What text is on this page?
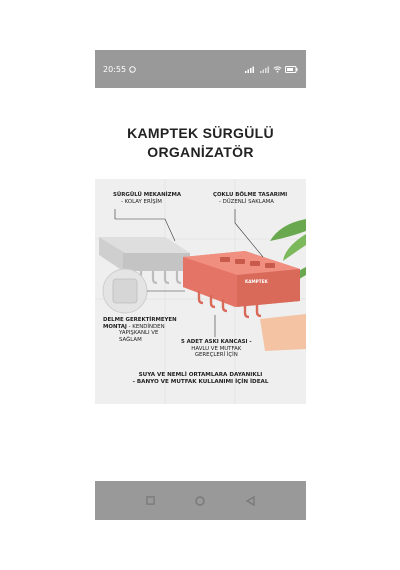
20:55
KAMPTEK SÜRGÜLÜ
ORGANİZATÖR
KAMPTEK
SÜRGÜLÜ MEKANİZMA
- KOLAY ERİŞİM
ÇOKLU BÖLME TASARIMI
- DÜZENLİ SAKLAMA
DELME GEREKTİRMEYEN
MONTAJ - KENDİNDEN
YAPIŞKANLI VE
SAĞLAM	5 ADET ASKI KANCASI -
HAVLU VE MUTFAK
GEREÇLERİ İÇİN
SUYA VE NEMLİ ORTAMLARA DAYANIKLI
- BANYO VE MUTFAK KULLANIMI İÇİN İDEAL
